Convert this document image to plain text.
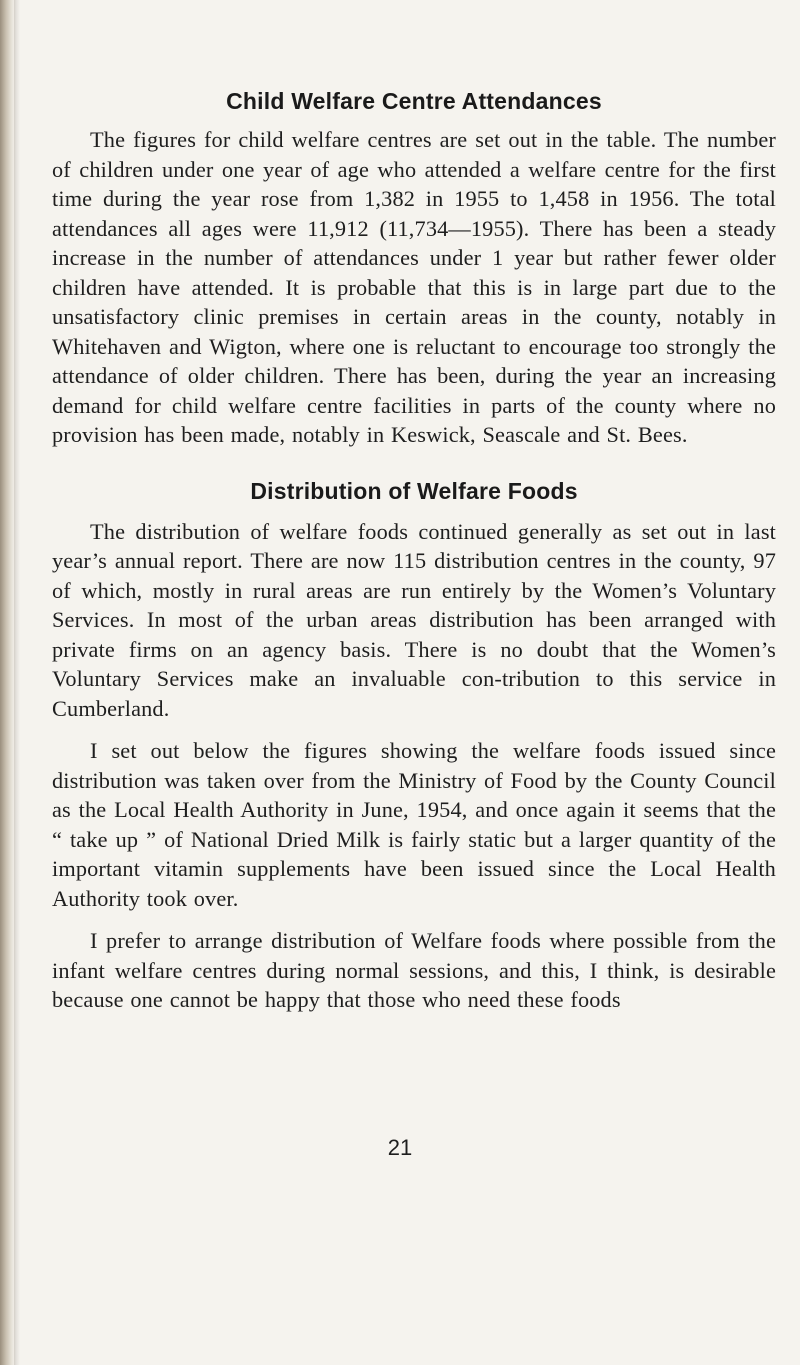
Child Welfare Centre Attendances

The figures for child welfare centres are set out in the table. The number of children under one year of age who attended a welfare centre for the first time during the year rose from 1,382 in 1955 to 1,458 in 1956. The total attendances all ages were 11,912 (11,734—1955). There has been a steady increase in the number of attendances under 1 year but rather fewer older children have attended. It is probable that this is in large part due to the unsatisfactory clinic premises in certain areas in the county, notably in Whitehaven and Wigton, where one is reluctant to encourage too strongly the attendance of older children. There has been, during the year an increasing demand for child welfare centre facilities in parts of the county where no provision has been made, notably in Keswick, Seascale and St. Bees.

Distribution of Welfare Foods

The distribution of welfare foods continued generally as set out in last year’s annual report. There are now 115 distribution centres in the county, 97 of which, mostly in rural areas are run entirely by the Women’s Voluntary Services. In most of the urban areas distribution has been arranged with private firms on an agency basis. There is no doubt that the Women’s Voluntary Services make an invaluable con-tribution to this service in Cumberland.

I set out below the figures showing the welfare foods issued since distribution was taken over from the Ministry of Food by the County Council as the Local Health Authority in June, 1954, and once again it seems that the “ take up ” of National Dried Milk is fairly static but a larger quantity of the important vitamin supplements have been issued since the Local Health Authority took over.

I prefer to arrange distribution of Welfare foods where possible from the infant welfare centres during normal sessions, and this, I think, is desirable because one cannot be happy that those who need these foods

21
